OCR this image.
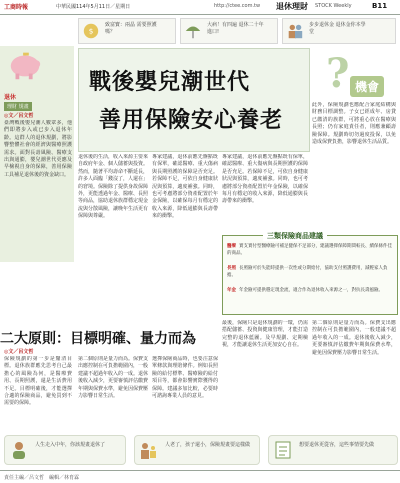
工商時報	中華民國114年5月11日／星期日	http://ctee.com.tw 退休理財 STOCK Weekly	B11
$
致富寶：兩晶 需要照護嗎？
大病！有四遍 退休二十年 進口!
步步退休金 退休金你本學堂
退休
理財 規畫
戰後嬰兒潮世代
善用保險安心養老
? 機會
◎文／呂文哲
臺灣戰後嬰兒潮人數眾多，他們即將步入或已步入退休年齡。這群人的退休規劃，將影響整體社會的經濟與醫療照護需求。面對長壽風險、醫療支出與通膨，嬰兒潮世代更應及早檢視自身的保障，善用保險工具補足退休後的資金缺口。
退休後的生活，收入來源主要來自政府年金、個人儲蓄與投資。然而，隨著平均壽命不斷延長，許多人面臨「錢沒了，人還在」的窘境。保險除了提供身故保障外，更能透過年金、醫療、長照等商品，協助退休族群穩定現金流與分散風險，讓晚年生活更有保障與尊嚴。
專家建議，退休前應先盤點既有保單，確認醫療、重大傷病與長期照護的保障是否充足。若保障不足，可依自身健康狀況與預算，適度補強。同時，也可考慮將部分資產配置於年金保險，以確保每月有穩定的收入來源，降低通膨與長壽帶來的衝擊。
此外，保險規劃也應配合家庭結構與財務目標調整。子女已經成年、房貸已繳清的族群，可將重心放在醫療與長照；仍有家庭責任者，則應兼顧壽險保障。規劃時切勿過度投保，以免造成保費負擔，影響退休生活品質。
專家建議，退休前應先盤點既有保單，確認醫療、重大傷病與長期照護的保障是否充足。若保障不足，可依自身健康狀況與預算，適度補強。同時，也可考慮將部分資產配置於年金保險，以確保每月有穩定的收入來源，降低通膨與長壽帶來的衝擊。
三類保險商品建議
醫療 實支實付型醫療險可補足健保不足部分，建議選擇保障期間較長、續保條件佳的商品。
長照 長照險可於失能時提供一次性或分期給付，協助支付照護費用，減輕家人負擔。
年金 年金險可提供穩定現金流，適合作為退休收入來源之一，對抗長壽風險。
二大原則：目標明確、量力而為
◎文／呂文哲
保險規劃的第一步是釐清目標。退休族群應先思考自己最擔心的風險為何，是醫療費用、長期照護，還是生活費用不足。目標明確後，才能選擇合適的保險商品，避免買到不需要的保障。
第二個原則是量力而為。保費支出應控制在可負擔範圍內，一般建議不超過年收入的一成。退休後收入減少，更要審慎評估繳費年期與保費水準，避免因保費壓力影響日常生活。
選擇保險商品時，也要注意保單條款與理賠條件。例如長照險的給付標準、醫療險的給付項目等，都會影響實際獲得的保障。建議多加比較，必要時可諮詢專業人員的意見。
最後，保險只是退休規劃的一環，仍需搭配儲蓄、投資與健康管理，才能打造完整的退休藍圖。及早規劃、定期檢視，才能讓退休生活更加安心自在。
第二個原則是量力而為。保費支出應控制在可負擔範圍內，一般建議不超過年收入的一成。退休後收入減少，更要審慎評估繳費年期與保費水準，避免因保費壓力影響日常生活。
人生走入中年，你該規畫退休了	人老了，孩子還小，保險規畫要這樣做	想要退休更從容，這些事情要先做
責任主編／呂文哲　編輯／林育霖
